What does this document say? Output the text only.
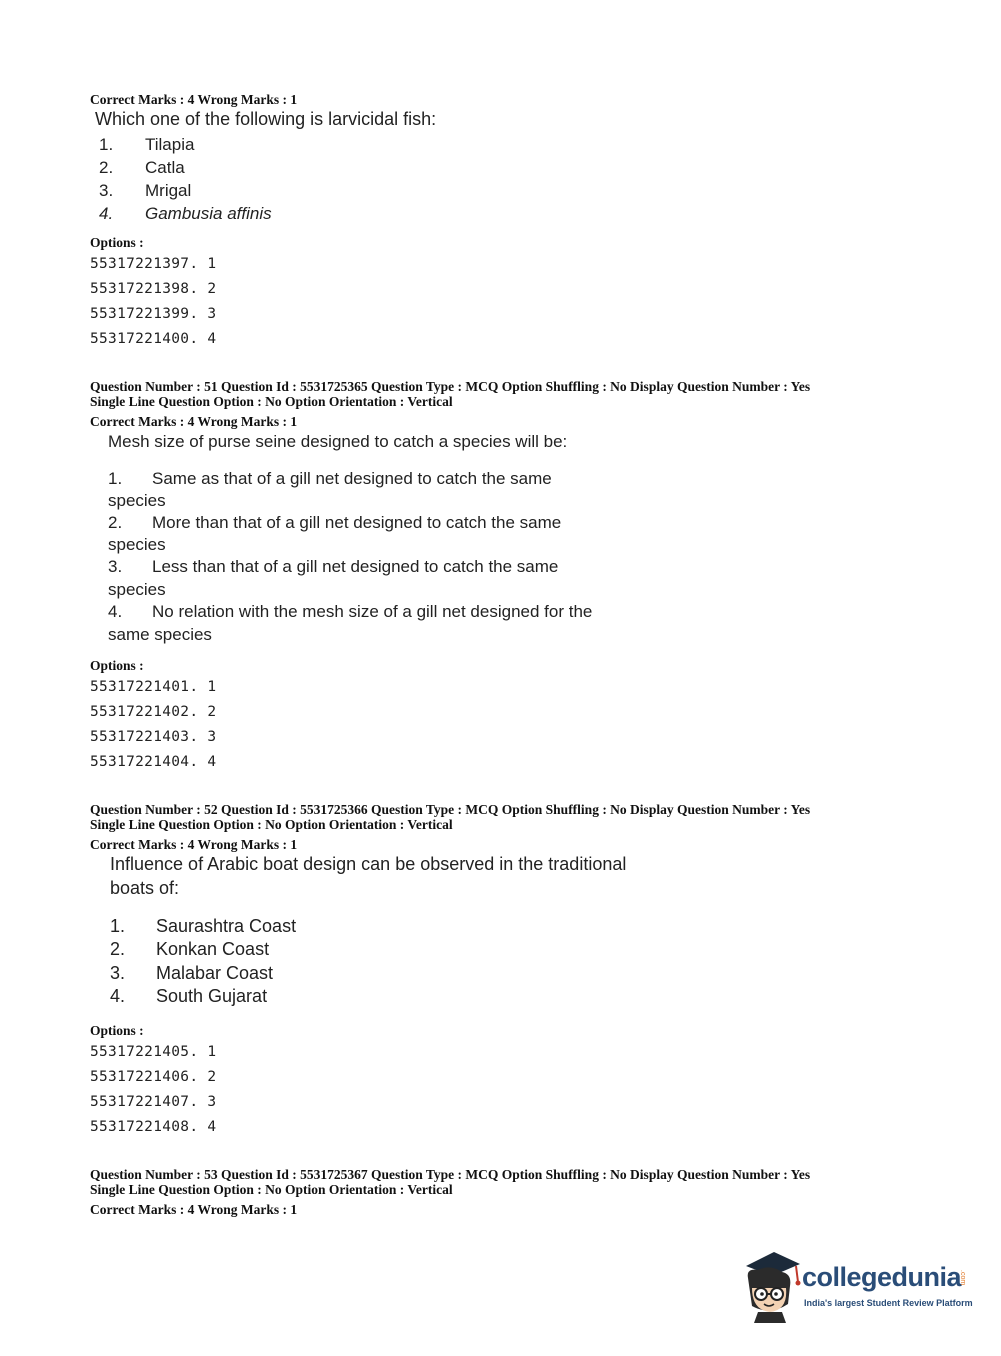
Correct Marks : 4 Wrong Marks : 1
Which one of the following is larvicidal fish:
1. Tilapia
2. Catla
3. Mrigal
4. Gambusia affinis
Options :
55317221397. 1
55317221398. 2
55317221399. 3
55317221400. 4
Question Number : 51 Question Id : 5531725365 Question Type : MCQ Option Shuffling : No Display Question Number : Yes
Single Line Question Option : No Option Orientation : Vertical
Correct Marks : 4 Wrong Marks : 1
Mesh size of purse seine designed to catch a species will be:
1. Same as that of a gill net designed to catch the same
species
2. More than that of a gill net designed to catch the same
species
3. Less than that of a gill net designed to catch the same
species
4. No relation with the mesh size of a gill net designed for the
same species
Options :
55317221401. 1
55317221402. 2
55317221403. 3
55317221404. 4
Question Number : 52 Question Id : 5531725366 Question Type : MCQ Option Shuffling : No Display Question Number : Yes
Single Line Question Option : No Option Orientation : Vertical
Correct Marks : 4 Wrong Marks : 1
Influence of Arabic boat design can be observed in the traditional
boats of:
1. Saurashtra Coast
2. Konkan Coast
3. Malabar Coast
4. South Gujarat
Options :
55317221405. 1
55317221406. 2
55317221407. 3
55317221408. 4
Question Number : 53 Question Id : 5531725367 Question Type : MCQ Option Shuffling : No Display Question Number : Yes
Single Line Question Option : No Option Orientation : Vertical
Correct Marks : 4 Wrong Marks : 1
collegedunia
.com
India's largest Student Review Platform
